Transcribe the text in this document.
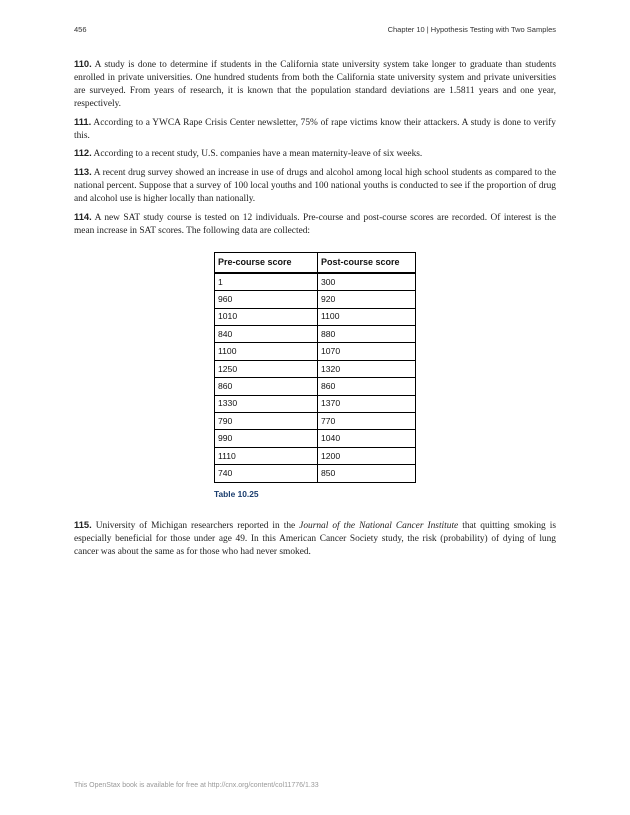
456	Chapter 10 | Hypothesis Testing with Two Samples

110. A study is done to determine if students in the California state university system take longer to graduate than students enrolled in private universities. One hundred students from both the California state university system and private universities are surveyed. From years of research, it is known that the population standard deviations are 1.5811 years and one year, respectively.

111. According to a YWCA Rape Crisis Center newsletter, 75% of rape victims know their attackers. A study is done to verify this.

112. According to a recent study, U.S. companies have a mean maternity-leave of six weeks.

113. A recent drug survey showed an increase in use of drugs and alcohol among local high school students as compared to the national percent. Suppose that a survey of 100 local youths and 100 national youths is conducted to see if the proportion of drug and alcohol use is higher locally than nationally.

114. A new SAT study course is tested on 12 individuals. Pre-course and post-course scores are recorded. Of interest is the mean increase in SAT scores. The following data are collected:

Pre-course score	Post-course score
1	300
960	920
1010	1100
840	880
1100	1070
1250	1320
860	860
1330	1370
790	770
990	1040
1110	1200
740	850
Table 10.25

115. University of Michigan researchers reported in the Journal of the National Cancer Institute that quitting smoking is especially beneficial for those under age 49. In this American Cancer Society study, the risk (probability) of dying of lung cancer was about the same as for those who had never smoked.

This OpenStax book is available for free at http://cnx.org/content/col11776/1.33
